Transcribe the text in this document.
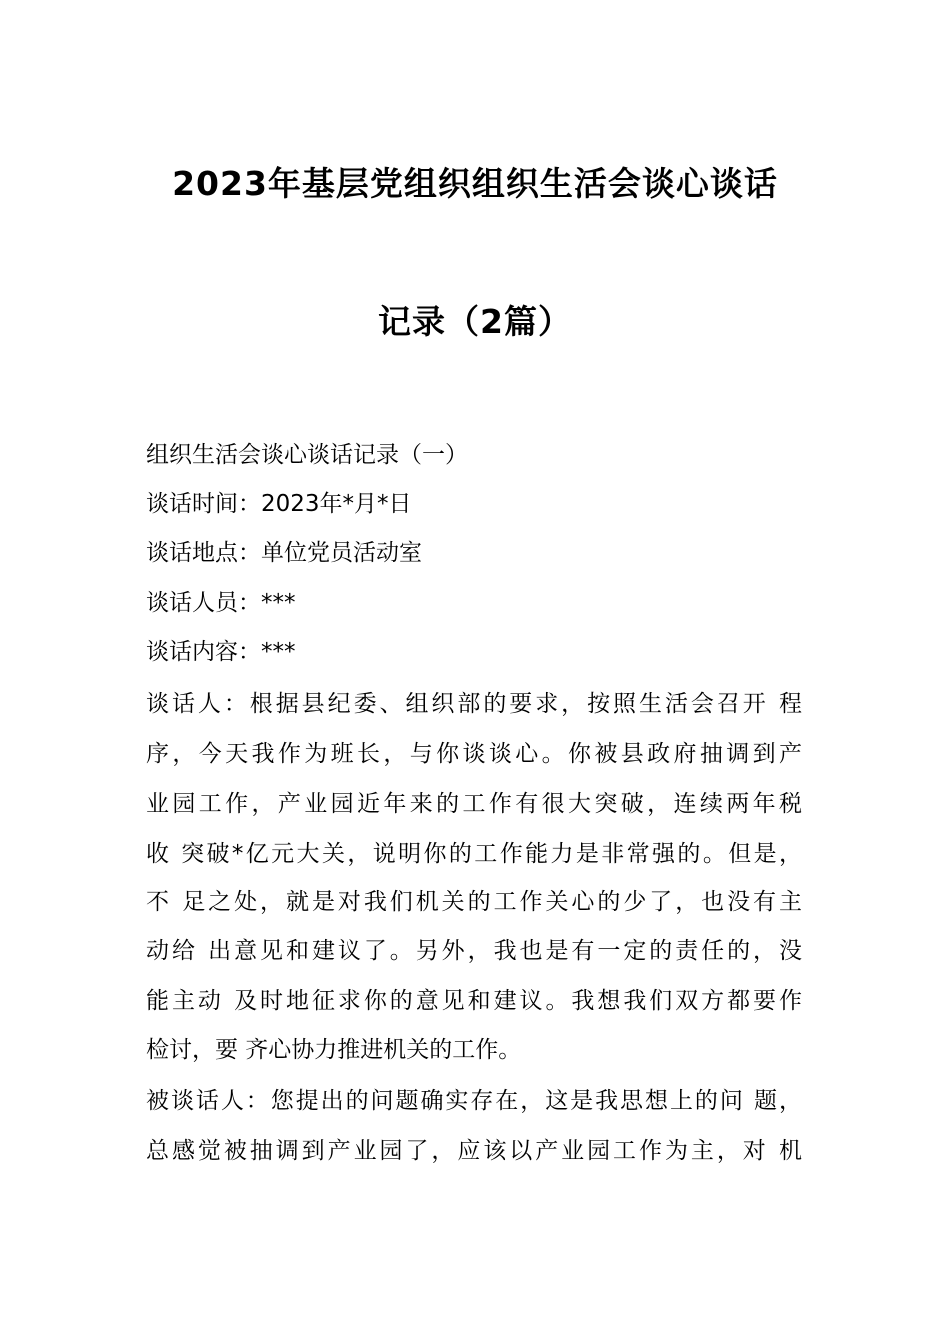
2023年基层党组织组织生活会谈心谈话
记录（2篇）
组织生活会谈心谈话记录（一）
谈话时间：2023年*月*日
谈话地点：单位党员活动室
谈话人员：***
谈话内容：***
谈话人：根据县纪委、组织部的要求，按照生活会召开 程
序，今天我作为班长，与你谈谈心。你被县政府抽调到产
业园工作，产业园近年来的工作有很大突破，连续两年税
收 突破*亿元大关，说明你的工作能力是非常强的。但是，
不 足之处，就是对我们机关的工作关心的少了，也没有主
动给 出意见和建议了。另外，我也是有一定的责任的，没
能主动 及时地征求你的意见和建议。我想我们双方都要作
检讨，要 齐心协力推进机关的工作。
被谈话人：您提出的问题确实存在，这是我思想上的问 题，
总感觉被抽调到产业园了，应该以产业园工作为主，对 机
